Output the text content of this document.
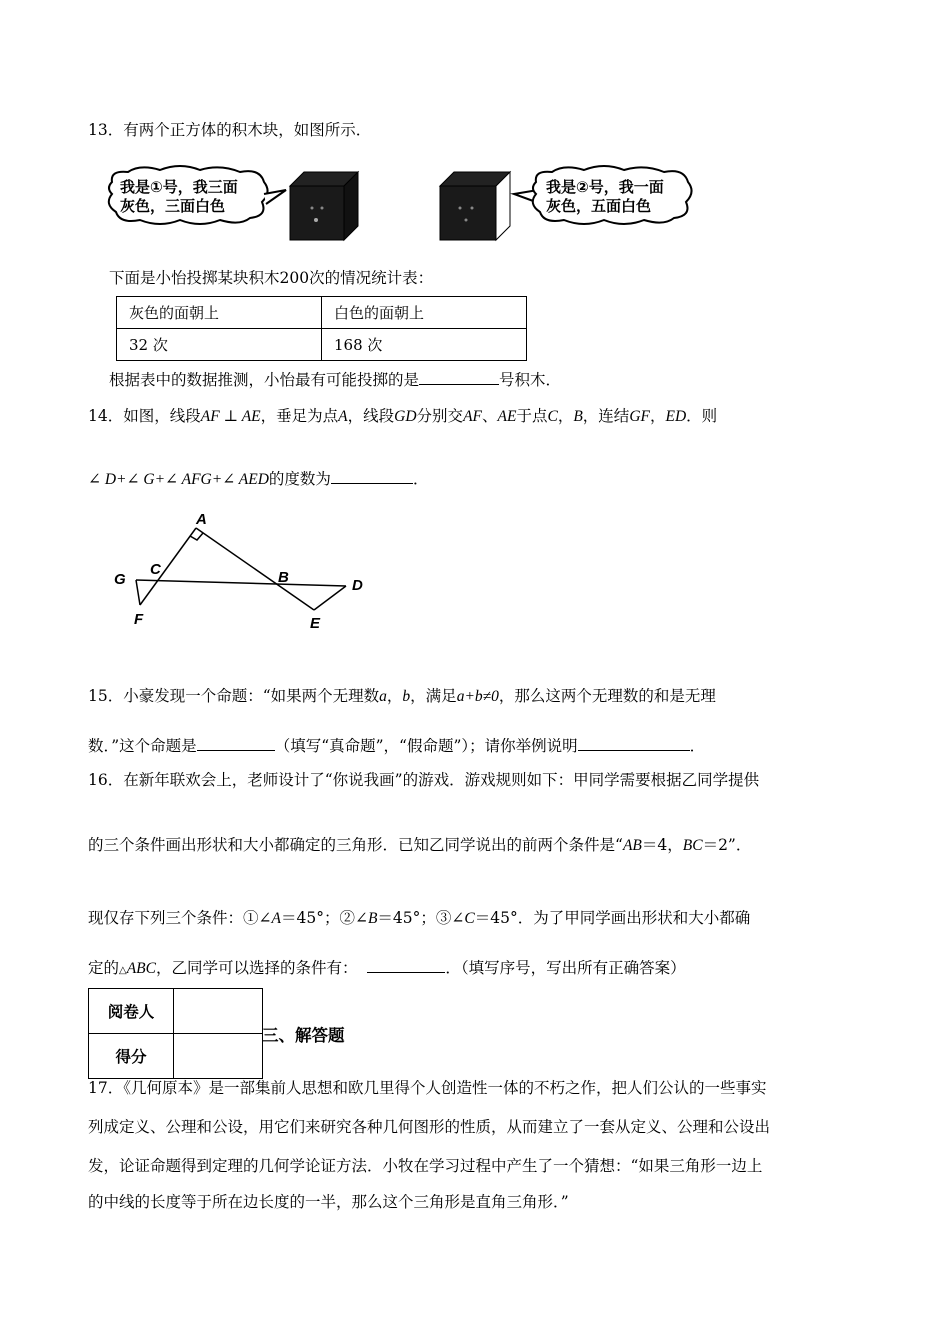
13．有两个正方体的积木块，如图所示．
我是①号，我三面
灰色，三面白色
我是②号，我一面
灰色，五面白色
下面是小怡投掷某块积木200次的情况统计表：
灰色的面朝上	白色的面朝上
32 次	168 次
根据表中的数据推测，小怡最有可能投掷的是	号积木．
14．如图，线段AF ⊥ AE，垂足为点A，线段GD分别交AF、AE于点C，B，连结GF，ED．则
∠ D+∠ G+∠ AFG+∠ AED的度数为	．
A
G
C	B	D
F	E
15．小豪发现一个命题：“如果两个无理数a，b，满足a+b≠0，那么这两个无理数的和是无理
数．”这个命题是	（填写“真命题”，“假命题”）；请你举例说明	．
16．在新年联欢会上，老师设计了“你说我画”的游戏．游戏规则如下：甲同学需要根据乙同学提供
的三个条件画出形状和大小都确定的三角形．已知乙同学说出的前两个条件是“AB＝4，BC＝2”．
现仅存下列三个条件：①∠A＝45°；②∠B＝45°；③∠C＝45°．为了甲同学画出形状和大小都确
定的△ABC，乙同学可以选择的条件有：	．（填写序号，写出所有正确答案）
阅卷人	
得分	
三、解答题
17．《几何原本》是一部集前人思想和欧几里得个人创造性一体的不朽之作，把人们公认的一些事实
列成定义、公理和公设，用它们来研究各种几何图形的性质，从而建立了一套从定义、公理和公设出
发，论证命题得到定理的几何学论证方法．小牧在学习过程中产生了一个猜想：“如果三角形一边上
的中线的长度等于所在边长度的一半，那么这个三角形是直角三角形．”
